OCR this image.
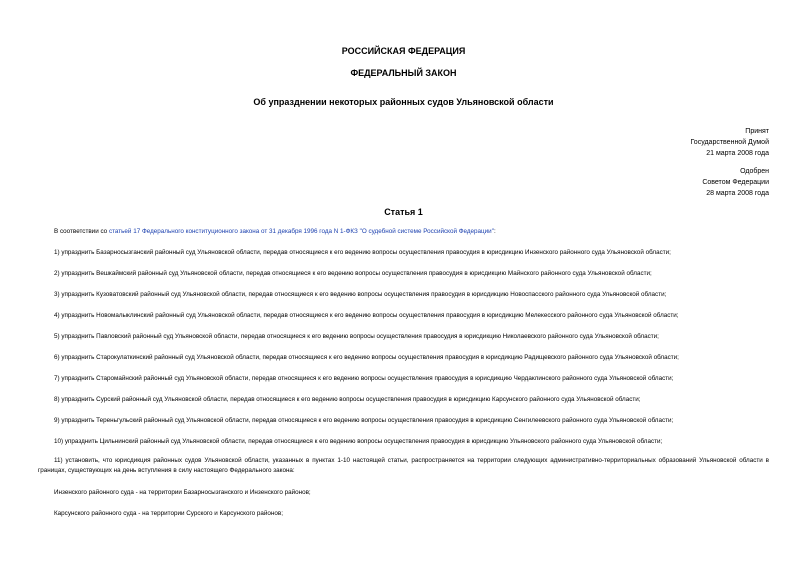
РОССИЙСКАЯ ФЕДЕРАЦИЯ
ФЕДЕРАЛЬНЫЙ ЗАКОН
Об упразднении некоторых районных судов Ульяновской области
Принят
Государственной Думой
21 марта 2008 года
Одобрен
Советом Федерации
28 марта 2008 года
Статья 1
В соответствии со статьей 17 Федерального конституционного закона от 31 декабря 1996 года N 1-ФКЗ "О судебной системе Российской Федерации":
1) упразднить Базарносызганский районный суд Ульяновской области, передав относящиеся к его ведению вопросы осуществления правосудия в юрисдикцию Инзенского районного суда Ульяновской области;
2) упразднить Вешкаймский районный суд Ульяновской области, передав относящиеся к его ведению вопросы осуществления правосудия в юрисдикцию Майнского районного суда Ульяновской области;
3) упразднить Кузоватовский районный суд Ульяновской области, передав относящиеся к его ведению вопросы осуществления правосудия в юрисдикцию Новоспасского районного суда Ульяновской области;
4) упразднить Новомалыклинский районный суд Ульяновской области, передав относящиеся к его ведению вопросы осуществления правосудия в юрисдикцию Мелекесского районного суда Ульяновской области;
5) упразднить Павловский районный суд Ульяновской области, передав относящиеся к его ведению вопросы осуществления правосудия в юрисдикцию Николаевского районного суда Ульяновской области;
6) упразднить Старокулаткинский районный суд Ульяновской области, передав относящиеся к его ведению вопросы осуществления правосудия в юрисдикцию Радищевского районного суда Ульяновской области;
7) упразднить Старомайнский районный суд Ульяновской области, передав относящиеся к его ведению вопросы осуществления правосудия в юрисдикцию Чердаклинского районного суда Ульяновской области;
8) упразднить Сурский районный суд Ульяновской области, передав относящиеся к его ведению вопросы осуществления правосудия в юрисдикцию Карсунского районного суда Ульяновской области;
9) упразднить Тереньгульский районный суд Ульяновской области, передав относящиеся к его ведению вопросы осуществления правосудия в юрисдикцию Сенгилеевского районного суда Ульяновской области;
10) упразднить Цильнинский районный суд Ульяновской области, передав относящиеся к его ведению вопросы осуществления правосудия в юрисдикцию Ульяновского районного суда Ульяновской области;
11) установить, что юрисдикция районных судов Ульяновской области, указанных в пунктах 1-10 настоящей статьи, распространяется на территории следующих административно-территориальных образований Ульяновской области в границах, существующих на день вступления в силу настоящего Федерального закона:
Инзенского районного суда - на территории Базарносызганского и Инзенского районов;
Карсунского районного суда - на территории Сурского и Карсунского районов;
